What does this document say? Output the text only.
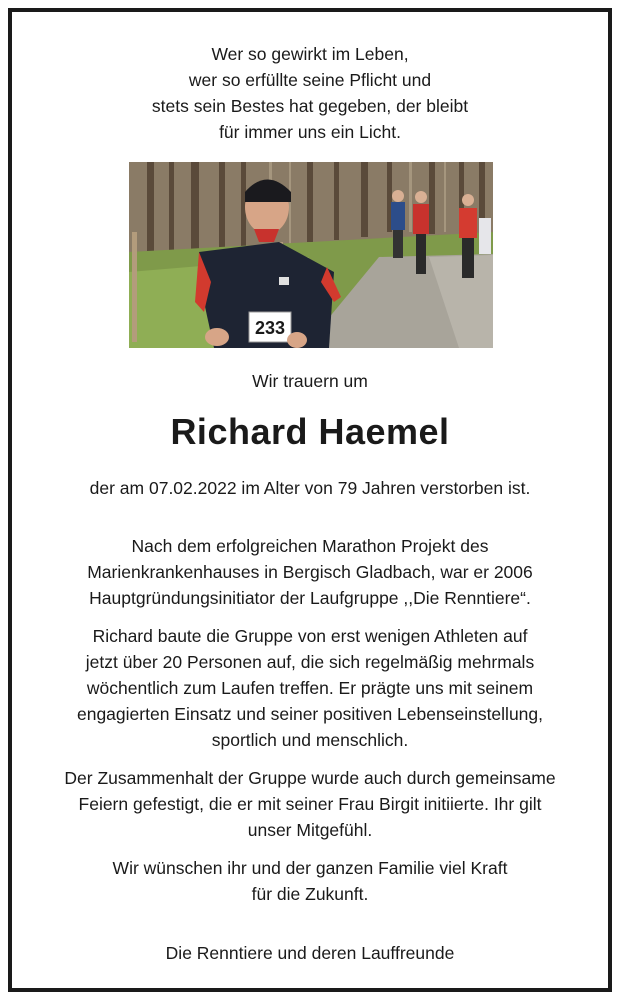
Wer so gewirkt im Leben,
wer so erfüllte seine Pflicht und
stets sein Bestes hat gegeben, der bleibt
für immer uns ein Licht.
233
Wir trauern um
Richard Haemel
der am 07.02.2022 im Alter von 79 Jahren verstorben ist.
Nach dem erfolgreichen Marathon Projekt des
Marienkrankenhauses in Bergisch Gladbach, war er 2006
Hauptgründungsinitiator der Laufgruppe ,,Die Renntiere“.
Richard baute die Gruppe von erst wenigen Athleten auf
jetzt über 20 Personen auf, die sich regelmäßig mehrmals
wöchentlich zum Laufen treffen. Er prägte uns mit seinem
engagierten Einsatz und seiner positiven Lebenseinstellung,
sportlich und menschlich.
Der Zusammenhalt der Gruppe wurde auch durch gemeinsame
Feiern gefestigt, die er mit seiner Frau Birgit initiierte. Ihr gilt
unser Mitgefühl.
Wir wünschen ihr und der ganzen Familie viel Kraft
für die Zukunft.
Die Renntiere und deren Lauffreunde
